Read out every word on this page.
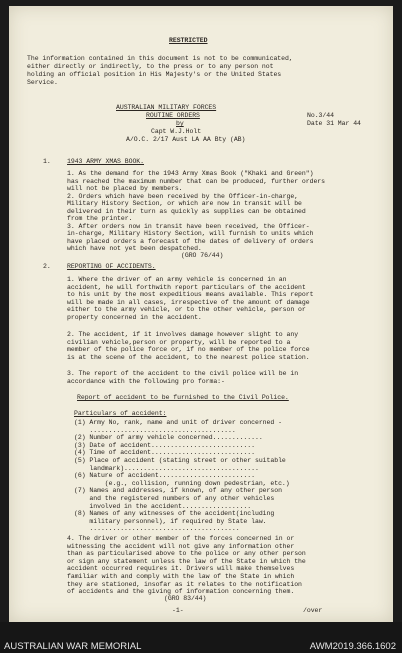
RESTRICTED
The information contained in this document is not to be communicated,
either directly or indirectly, to the press or to any person not
holding an official position in His Majesty's or the United States
Service.
AUSTRALIAN MILITARY FORCES
ROUTINE ORDERS
by
Capt W.J.Holt
A/O.C. 2/17 Aust LA AA Bty (AB)
No.3/44
Date 31 Mar 44
1.	1943 ARMY XMAS BOOK.
1. As the demand for the 1943 Army Xmas Book ("Khaki and Green")
has reached the maximum number that can be produced, further orders
will not be placed by members.
2. Orders which have been received by the Officer-in-charge,
Military History Section, or which are now in transit will be
delivered in their turn as quickly as supplies can be obtained
from the printer.
3. After orders now in transit have been received, the Officer-
in-charge, Military History Section, will furnish to units which
have placed orders a forecast of the dates of delivery of orders
which have not yet been despatched.
(GRO 76/44)
2.	REPORTING OF ACCIDENTS.
1. Where the driver of an army vehicle is concerned in an
accident, he will forthwith report particulars of the accident
to his unit by the most expeditious means available. This report
will be made in all cases, irrespective of the amount of damage
either to the army vehicle, or to the other vehicle, person or
property concerned in the accident.
2. The accident, if it involves damage however slight to any
civilian vehicle,person or property, will be reported to a
member of the police force or, if no member of the police force
is at the scene of the accident, to the nearest police station.
3. The report of the accident to the civil police will be in
accordance with the following pro forma:-
Report of accident to be furnished to the Civil Police.
Particulars of accident:
(1) Army No, rank, name and unit of driver concerned -
......................................
(2) Number of army vehicle concerned.............
(3) Date of accident...........................
(4) Time of accident...........................
(5) Place of accident (stating street or other suitable
landmark)...................................
(6) Nature of accident.........................
(e.g., collision, running down pedestrian, etc.)
(7) Names and addresses, if known, of any other person
and the registered numbers of any other vehicles
involved in the accident..................
(8) Names of any witnesses of the accident(including
military personnel), if required by State law.
.......................................
4. The driver or other member of the forces concerned in or
witnessing the accident will not give any information other
than as particularised above to the police or any other person
or sign any statement unless the law of the State in which the
accident occurred requires it. Drivers will make themselves
familiar with and comply with the law of the State in which
they are stationed, insofar as it relates to the notification
of accidents and the giving of information concerning them.
(GRO 83/44)
-1-	/over
AUSTRALIAN WAR MEMORIAL	AWM2019.366.1602
